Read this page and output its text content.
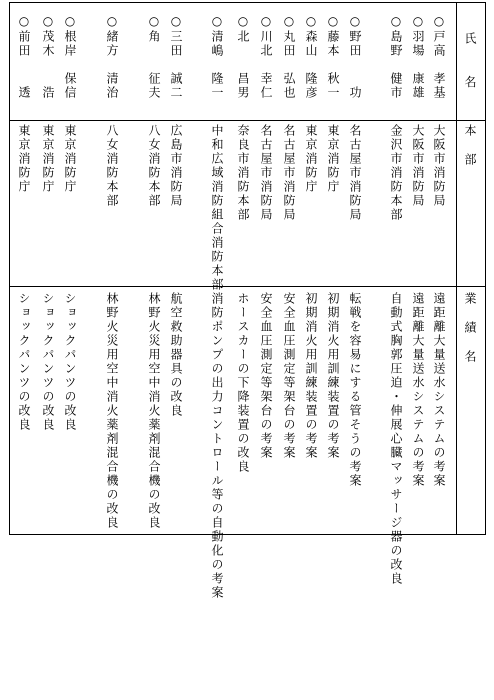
氏　　名
本　部
業　績　名
○戸高　孝基
大阪市消防局
遠距離大量送水システムの考案
○羽場　康雄
大阪市消防局
遠距離大量送水システムの考案
○島野　健市
金沢市消防本部
自動式胸郭圧迫・伸展心臓マッサージ器の改良
○野田　　功
名古屋市消防局
転戦を容易にする管そうの考案
○藤本　秋一
東京消防庁
初期消火用訓練装置の考案
○森山　隆彦
東京消防庁
初期消火用訓練装置の考案
○丸田　弘也
名古屋市消防局
安全血圧測定等架台の考案
○川北　幸仁
名古屋市消防局
安全血圧測定等架台の考案
○北　　昌男
奈良市消防本部
ホースカーの下降装置の改良
○清嶋　隆一
中和広域消防組合消防本部
消防ポンプの出力コントロール等の自動化の考案
○三田　誠二
広島市消防局
航空救助器具の改良
○角　　征夫
八女消防本部
林野火災用空中消火薬剤混合機の改良
○緒方　清治
八女消防本部
林野火災用空中消火薬剤混合機の改良
○根岸　保信
東京消防庁
ショックパンツの改良
○茂木　　浩
東京消防庁
ショックパンツの改良
○前田　　透
東京消防庁
ショックパンツの改良
